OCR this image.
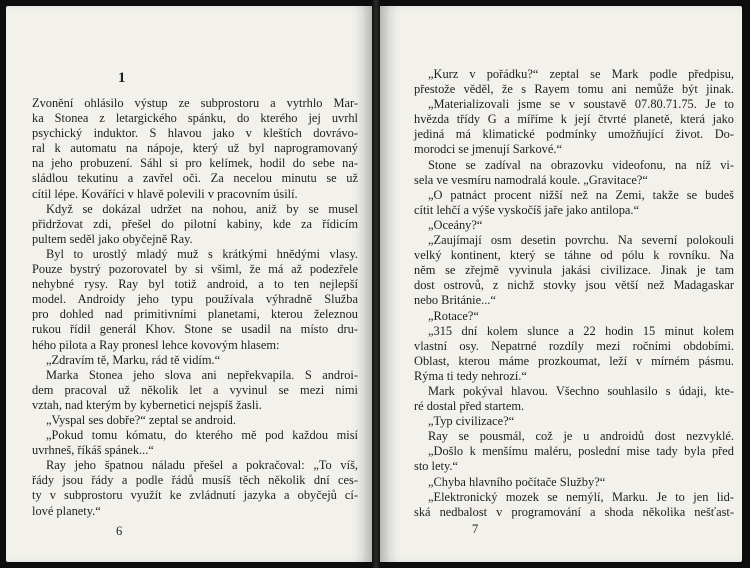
1
Zvonění ohlásilo výstup ze subprostoru a vytrhlo Mar-
ka Stonea z letargického spánku, do kterého jej uvrhl
psychický induktor. S hlavou jako v kleštích dovrávo-
ral k automatu na nápoje, který už byl naprogramovaný
na jeho probuzení. Sáhl si pro kelímek, hodil do sebe na-
sládlou tekutinu a zavřel oči. Za necelou minutu se už
cítil lépe. Kováříci v hlavě polevili v pracovním úsilí.
Když se dokázal udržet na nohou, aniž by se musel
přidržovat zdi, přešel do pilotní kabiny, kde za řídicím
pultem seděl jako obyčejně Ray.
Byl to urostlý mladý muž s krátkými hnědými vlasy.
Pouze bystrý pozorovatel by si všiml, že má až podezřele
nehybné rysy. Ray byl totiž android, a to ten nejlepší
model. Androidy jeho typu používala výhradně Služba
pro dohled nad primitivními planetami, kterou železnou
rukou řídil generál Khov. Stone se usadil na místo dru-
hého pilota a Ray pronesl lehce kovovým hlasem:
„Zdravím tě, Marku, rád tě vidím.“
Marka Stonea jeho slova ani nepřekvapila. S androi-
dem pracoval už několik let a vyvinul se mezi nimi
vztah, nad kterým by kybernetici nejspíš žasli.
„Vyspal ses dobře?“ zeptal se android.
„Pokud tomu kómatu, do kterého mě pod každou misí
uvrhneš, říkáš spánek...“
Ray jeho špatnou náladu přešel a pokračoval: „To víš,
řády jsou řády a podle řádů musíš těch několik dní ces-
ty v subprostoru využít ke zvládnutí jazyka a obyčejů cí-
lové planety.“
6
„Kurz v pořádku?“ zeptal se Mark podle předpisu,
přestože věděl, že s Rayem tomu ani nemůže být jinak.
„Materializovali jsme se v soustavě 07.80.71.75. Je to
hvězda třídy G a míříme k její čtvrté planetě, která jako
jediná má klimatické podmínky umožňující život. Do-
morodci se jmenují Sarkové.“
Stone se zadíval na obrazovku videofonu, na níž vi-
sela ve vesmíru namodralá koule. „Gravitace?“
„O patnáct procent nižší než na Zemi, takže se budeš
cítit lehčí a výše vyskočíš jaře jako antilopa.“
„Oceány?“
„Zaujímají osm desetin povrchu. Na severní polokouli
velký kontinent, který se táhne od pólu k rovníku. Na
něm se zřejmě vyvinula jakási civilizace. Jinak je tam
dost ostrovů, z nichž stovky jsou větší než Madagaskar
nebo Británie...“
„Rotace?“
„315 dní kolem slunce a 22 hodin 15 minut kolem
vlastní osy. Nepatrné rozdíly mezi ročními obdobími.
Oblast, kterou máme prozkoumat, leží v mírném pásmu.
Rýma ti tedy nehrozí.“
Mark pokýval hlavou. Všechno souhlasilo s údaji, kte-
ré dostal před startem.
„Typ civilizace?“
Ray se pousmál, což je u androidů dost nezvyklé.
„Došlo k menšímu maléru, poslední mise tady byla před
sto lety.“
„Chyba hlavního počítače Služby?“
„Elektronický mozek se nemýlí, Marku. Je to jen lid-
ská nedbalost v programování a shoda několika nešťast-
7
